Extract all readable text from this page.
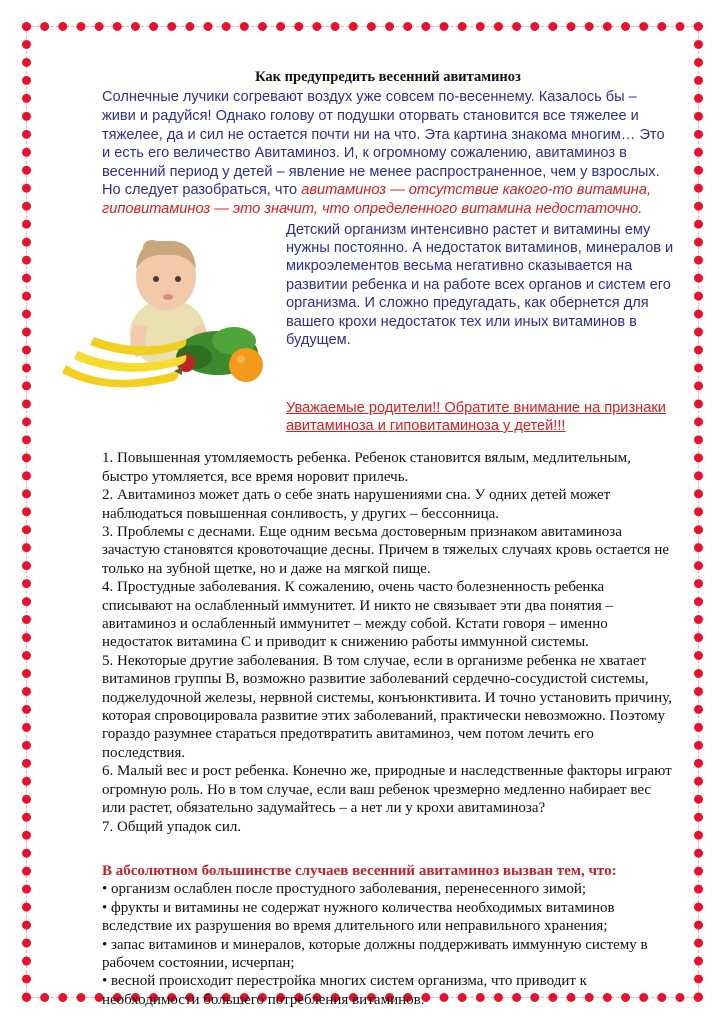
Как предупредить весенний авитаминоз

Солнечные лучики согревают воздух уже совсем по-весеннему. Казалось бы – живи и радуйся! Однако голову от подушки оторвать становится все тяжелее и тяжелее, да и сил не остается почти ни на что. Эта картина знакома многим… Это и есть его величество Авитаминоз. И, к огромному сожалению, авитаминоз в весенний период у детей – явление не менее распространенное, чем у взрослых. Но следует разобраться, что авитаминоз — отсутствие какого-то витамина, гиповитаминоз — это значит, что определенного витамина недостаточно.

Детский организм интенсивно растет и витамины ему нужны постоянно. А недостаток витаминов, минералов и микроэлементов весьма негативно сказывается на развитии ребенка и на работе всех органов и систем его организма. И сложно предугадать, как обернется для вашего крохи недостаток тех или иных витаминов в будущем.

Уважаемые родители!! Обратите внимание на признаки авитаминоза и гиповитаминоза у детей!!!

1. Повышенная утомляемость ребенка. Ребенок становится вялым, медлительным, быстро утомляется, все время норовит прилечь.
2. Авитаминоз может дать о себе знать нарушениями сна. У одних детей может наблюдаться повышенная сонливость, у других – бессонница.
3. Проблемы с деснами. Еще одним весьма достоверным признаком авитаминоза зачастую становятся кровоточащие десны. Причем в тяжелых случаях кровь остается не только на зубной щетке, но и даже на мягкой пище.
4. Простудные заболевания. К сожалению, очень часто болезненность ребенка списывают на ослабленный иммунитет. И никто не связывает эти два понятия – авитаминоз и ослабленный иммунитет – между собой. Кстати говоря – именно недостаток витамина С и приводит к снижению работы иммунной системы.
5. Некоторые другие заболевания. В том случае, если в организме ребенка не хватает витаминов группы В, возможно развитие заболеваний сердечно-сосудистой системы, поджелудочной железы, нервной системы, конъюнктивита. И точно установить причину, которая спровоцировала развитие этих заболеваний, практически невозможно. Поэтому гораздо разумнее стараться предотвратить авитаминоз, чем потом лечить его последствия.
6. Малый вес и рост ребенка. Конечно же, природные и наследственные факторы играют огромную роль. Но в том случае, если ваш ребенок чрезмерно медленно набирает вес или растет, обязательно задумайтесь – а нет ли у крохи авитаминоза?
7. Общий упадок сил.

В абсолютном большинстве случаев весенний авитаминоз вызван тем, что:

• организм ослаблен после простудного заболевания, перенесенного зимой;
• фрукты и витамины не содержат нужного количества необходимых витаминов вследствие их разрушения во время длительного или неправильного хранения;
• запас витаминов и минералов, которые должны поддерживать иммунную систему в рабочем состоянии, исчерпан;
• весной происходит перестройка многих систем организма, что приводит к необходимости большего потребления витаминов.
